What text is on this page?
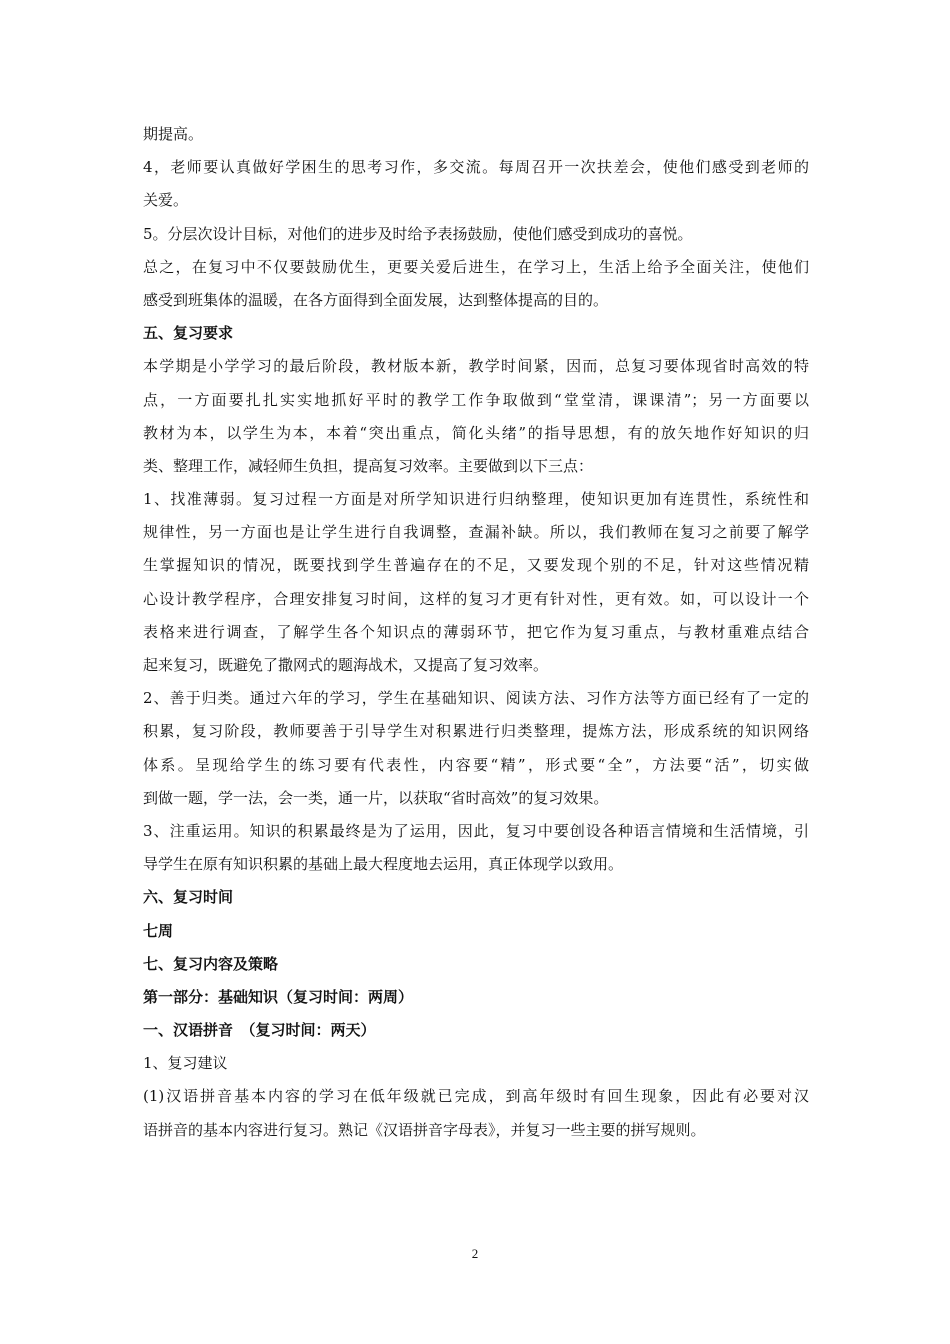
期提高。
4，老师要认真做好学困生的思考习作，多交流。每周召开一次扶差会，使他们感受到老师的
关爱。
5。分层次设计目标，对他们的进步及时给予表扬鼓励，使他们感受到成功的喜悦。
总之，在复习中不仅要鼓励优生，更要关爱后进生，在学习上，生活上给予全面关注，使他们
感受到班集体的温暖，在各方面得到全面发展，达到整体提高的目的。
五、复习要求
本学期是小学学习的最后阶段，教材版本新，教学时间紧，因而，总复习要体现省时高效的特
点，一方面要扎扎实实地抓好平时的教学工作争取做到“堂堂清，课课清”；另一方面要以
教材为本，以学生为本，本着“突出重点，简化头绪”的指导思想，有的放矢地作好知识的归
类、整理工作，减轻师生负担，提高复习效率。主要做到以下三点：
1、找准薄弱。复习过程一方面是对所学知识进行归纳整理，使知识更加有连贯性，系统性和
规律性，另一方面也是让学生进行自我调整，查漏补缺。所以，我们教师在复习之前要了解学
生掌握知识的情况，既要找到学生普遍存在的不足，又要发现个别的不足，针对这些情况精
心设计教学程序，合理安排复习时间，这样的复习才更有针对性，更有效。如，可以设计一个
表格来进行调查，了解学生各个知识点的薄弱环节，把它作为复习重点，与教材重难点结合
起来复习，既避免了撒网式的题海战术，又提高了复习效率。
2、善于归类。通过六年的学习，学生在基础知识、阅读方法、习作方法等方面已经有了一定的
积累，复习阶段，教师要善于引导学生对积累进行归类整理，提炼方法，形成系统的知识网络
体系。呈现给学生的练习要有代表性，内容要“精”，形式要“全”，方法要“活”，切实做
到做一题，学一法，会一类，通一片，以获取“省时高效”的复习效果。
3、注重运用。知识的积累最终是为了运用，因此，复习中要创设各种语言情境和生活情境，引
导学生在原有知识积累的基础上最大程度地去运用，真正体现学以致用。
六、复习时间
七周
七、复习内容及策略
第一部分：基础知识（复习时间：两周）
一、汉语拼音　（复习时间：两天）
1、复习建议
(1)汉语拼音基本内容的学习在低年级就已完成，到高年级时有回生现象，因此有必要对汉
语拼音的基本内容进行复习。熟记《汉语拼音字母表》，并复习一些主要的拼写规则。
2
